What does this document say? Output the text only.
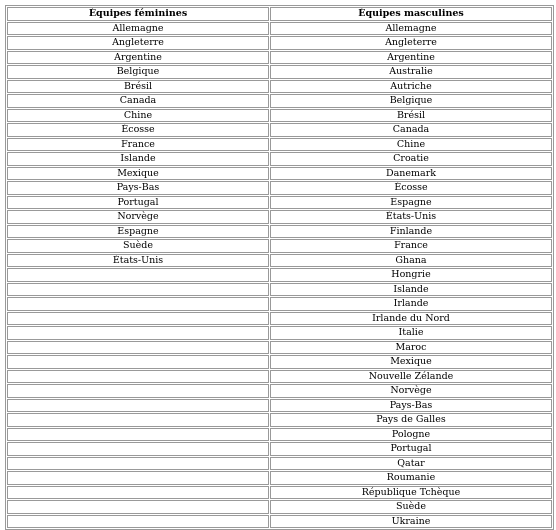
Équipes féminines	Équipes masculines
Allemagne	Allemagne
Angleterre	Angleterre
Argentine	Argentine
Belgique	Australie
Brésil	Autriche
Canada	Belgique
Chine	Brésil
Écosse	Canada
France	Chine
Islande	Croatie
Mexique	Danemark
Pays-Bas	Écosse
Portugal	Espagne
Norvège	États-Unis
Espagne	Finlande
Suède	France
États-Unis	Ghana
	Hongrie
	Islande
	Irlande
	Irlande du Nord
	Italie
	Maroc
	Mexique
	Nouvelle Zélande
	Norvège
	Pays-Bas
	Pays de Galles
	Pologne
	Portugal
	Qatar
	Roumanie
	République Tchèque
	Suède
	Ukraine
